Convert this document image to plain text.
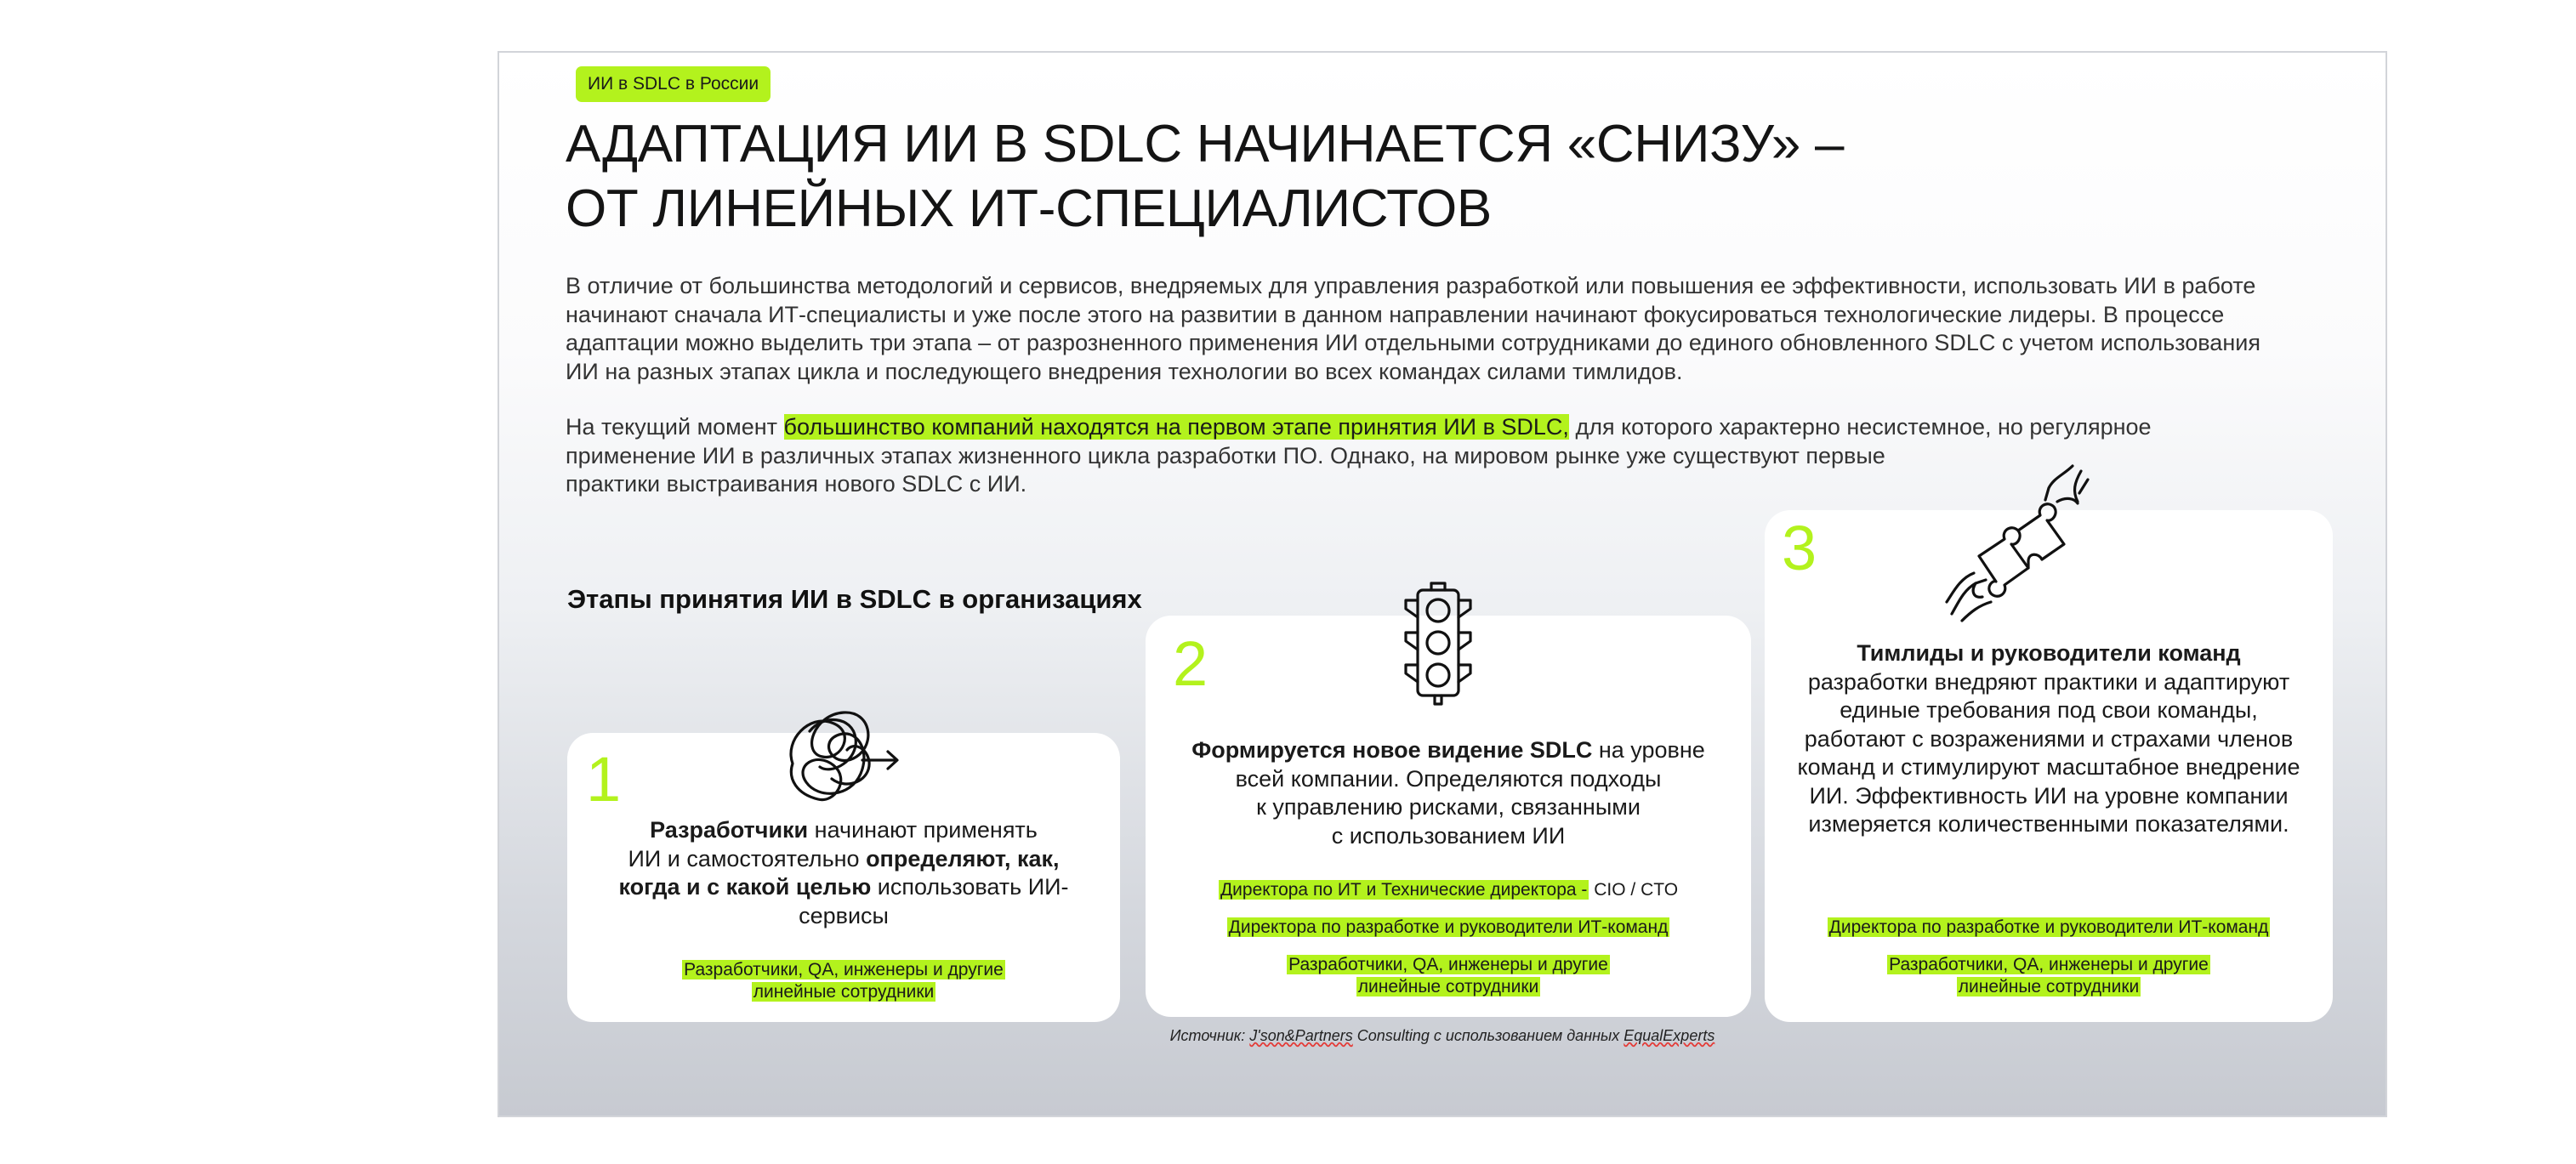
ИИ в SDLC в России
АДАПТАЦИЯ ИИ В SDLC НАЧИНАЕТСЯ «СНИЗУ» –
ОТ ЛИНЕЙНЫХ ИТ-СПЕЦИАЛИСТОВ
В отличие от большинства методологий и сервисов, внедряемых для управления разработкой или повышения ее эффективности, использовать ИИ в работе
начинают сначала ИТ-специалисты и уже после этого на развитии в данном направлении начинают фокусироваться технологические лидеры. В процессе
адаптации можно выделить три этапа – от разрозненного применения ИИ отдельными сотрудниками до единого обновленного SDLC с учетом использования
ИИ на разных этапах цикла и последующего внедрения технологии во всех командах силами тимлидов.
На текущий момент большинство компаний находятся на первом этапе принятия ИИ в SDLC, для которого характерно несистемное, но регулярное
применение ИИ в различных этапах жизненного цикла разработки ПО. Однако, на мировом рынке уже существуют первые
практики выстраивания нового SDLC с ИИ.
Этапы принятия ИИ в SDLC в организациях
1
Разработчики начинают применять
ИИ и самостоятельно определяют, как,
когда и с какой целью использовать ИИ-
сервисы
Разработчики, QA, инженеры и другие
линейные сотрудники
2
Формируется новое видение SDLC на уровне
всей компании. Определяются подходы
к управлению рисками, связанными
с использованием ИИ
Директора по ИТ и Технические директора - CIO / CTO
Директора по разработке и руководители ИТ-команд
Разработчики, QA, инженеры и другие
линейные сотрудники
3
Тимлиды и руководители команд
разработки внедряют практики и адаптируют
единые требования под свои команды,
работают с возражениями и страхами членов
команд и стимулируют масштабное внедрение
ИИ. Эффективность ИИ на уровне компании
измеряется количественными показателями.
Директора по разработке и руководители ИТ-команд
Разработчики, QA, инженеры и другие
линейные сотрудники
Источник: J'son&Partners Consulting с использованием данных EqualExperts
